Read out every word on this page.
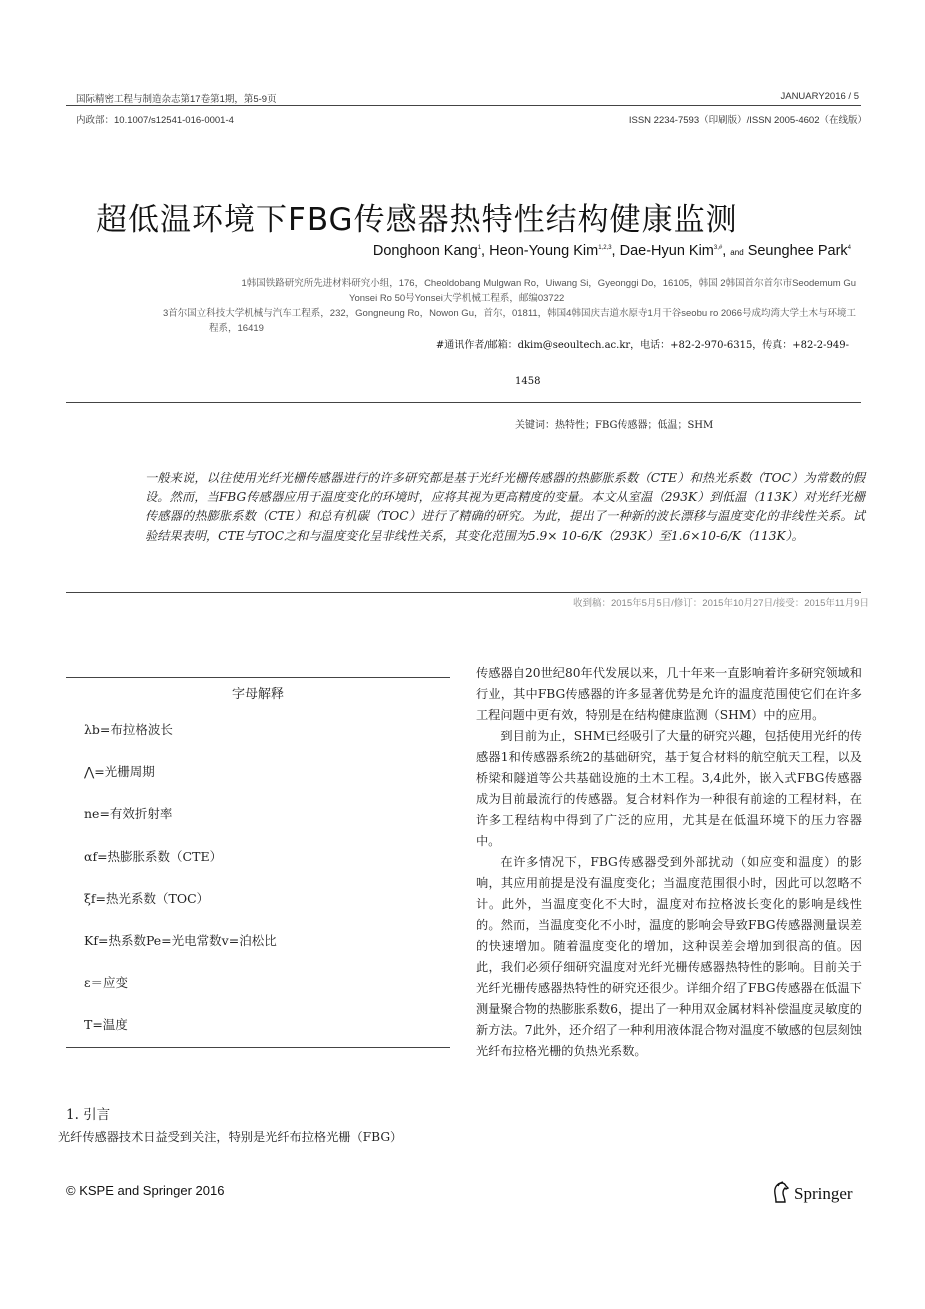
国际精密工程与制造杂志第17卷第1期，第5-9页	JANUARY2016 / 5
内政部：10.1007/s12541-016-0001-4	ISSN 2234-7593（印刷版）/ISSN 2005-4602（在线版）
超低温环境下FBG传感器热特性结构健康监测
Donghoon Kang$^1$, Heon-Young Kim$^{1,2,3}$, Dae-Hyun Kim$^{3,\#}$, and Seunghee Park$^4$
1韩国铁路研究所先进材料研究小组，176，Cheoldobang Mulgwan Ro，Uiwang Si，Gyeonggi Do，16105，韩国 2韩国首尔首尔市Seodemum Gu
Yonsei Ro 50号Yonsei大学机械工程系，邮编03722
3首尔国立科技大学机械与汽车工程系，232，Gongneung Ro，Nowon Gu，首尔，01811，韩国4韩国庆吉道水原寺1月干谷seobu ro 2066号成均湾大学土木与环境工
程系，16419
#通讯作者/邮箱：dkim@seoultech.ac.kr，电话：+82-2-970-6315，传真：+82-2-949-
1458
关键词：热特性；FBG传感器；低温；SHM
一般来说，以往使用光纤光栅传感器进行的许多研究都是基于光纤光栅传感器的热膨胀系数（CTE）和热光系数（TOC）为常数的假设。然而，当FBG传感器应用于温度变化的环境时，应将其视为更高精度的变量。本文从室温（293K）到低温（113K）对光纤光栅传感器的热膨胀系数（CTE）和总有机碳（TOC）进行了精确的研究。为此，提出了一种新的波长漂移与温度变化的非线性关系。试验结果表明，CTE与TOC之和与温度变化呈非线性关系，其变化范围为5.9× 10-6/K（293K）至1.6×10-6/K（113K）。
收到稿：2015年5月5日/修订：2015年10月27日/接受：2015年11月9日
字母解释
λb=布拉格波长
⋀=光栅周期
ne=有效折射率
αf=热膨胀系数（CTE）
ξf=热光系数（TOC）
Kf=热系数Pe=光电常数v=泊松比
ε＝应变
T=温度
1. 引言
光纤传感器技术日益受到关注，特别是光纤布拉格光栅（FBG）

传感器自20世纪80年代发展以来，几十年来一直影响着许多研究领域和行业，其中FBG传感器的许多显著优势是允许的温度范围使它们在许多工程问题中更有效，特别是在结构健康监测（SHM）中的应用。

到目前为止，SHM已经吸引了大量的研究兴趣，包括使用光纤的传感器1和传感器系统2的基础研究，基于复合材料的航空航天工程，以及桥梁和隧道等公共基础设施的土木工程。3,4此外，嵌入式FBG传感器成为目前最流行的传感器。复合材料作为一种很有前途的工程材料，在许多工程结构中得到了广泛的应用，尤其是在低温环境下的压力容器中。

在许多情况下，FBG传感器受到外部扰动（如应变和温度）的影响，其应用前提是没有温度变化；当温度范围很小时，因此可以忽略不计。此外，当温度变化不大时，温度对布拉格波长变化的影响是线性的。然而，当温度变化不小时，温度的影响会导致FBG传感器测量误差的快速增加。随着温度变化的增加，这种误差会增加到很高的值。因此，我们必须仔细研究温度对光纤光栅传感器热特性的影响。目前关于光纤光栅传感器热特性的研究还很少。详细介绍了FBG传感器在低温下测量聚合物的热膨胀系数6，提出了一种用双金属材料补偿温度灵敏度的新方法。7此外，还介绍了一种利用液体混合物对温度不敏感的包层刻蚀光纤布拉格光栅的负热光系数。

© KSPE and Springer 2016	Springer
